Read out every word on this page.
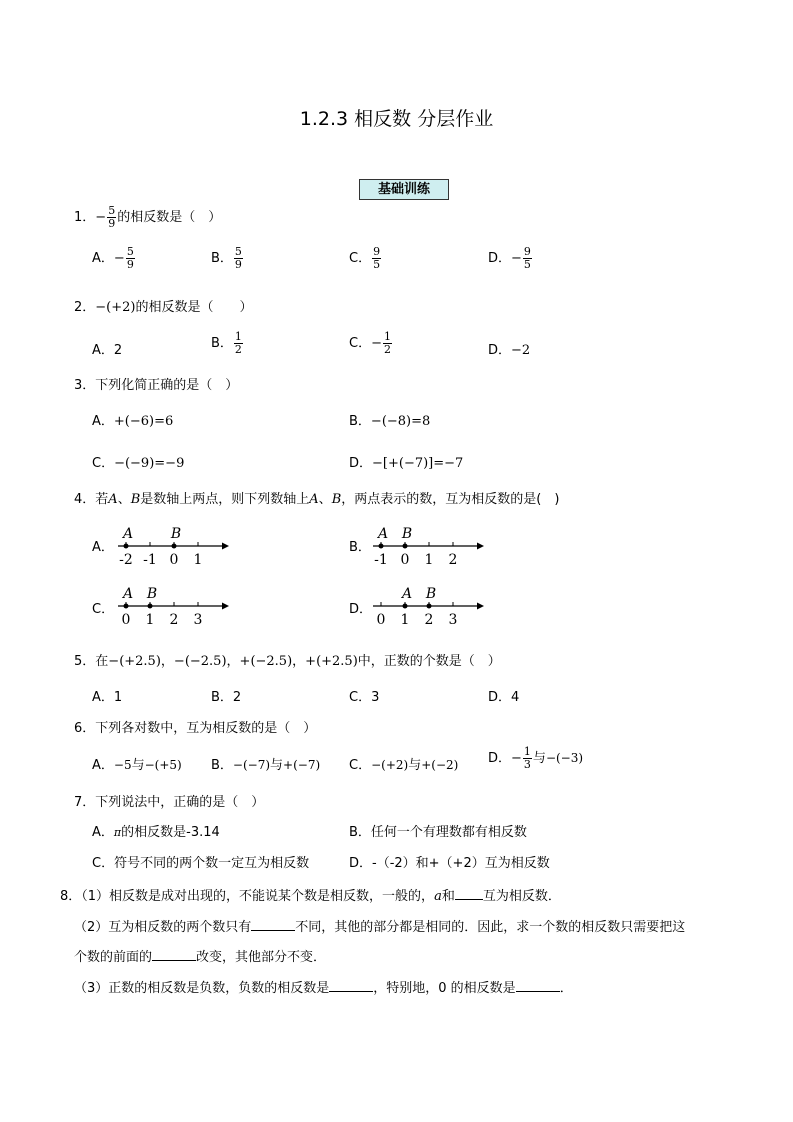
1.2.3 相反数 分层作业
基础训练
1．− $\frac{5}{9}$ 的相反数是（　）
A．− $\frac{5}{9}$	B． $\frac{5}{9}$	C． $\frac{9}{5}$	D．− $\frac{9}{5}$
2．−(+2)的相反数是（　　）
A．2	B． $\frac{1}{2}$	C．− $\frac{1}{2}$	D．−2
3．下列化简正确的是（　）
A．+(−6)=6	B．−(−8)=8
C．−(−9)=−9	D．−[+(−7)]=−7
4．若A、B是数轴上两点，则下列数轴上A、B，两点表示的数，互为相反数的是(　)
A．	B．
C．	D．
-2 -1 0 1
A	B
-1 0 1 2
A B
0 1 2 3
A B
0 1 2 3
A B
5．在−(+2.5)，−(−2.5)，+(−2.5)，+(+2.5)中，正数的个数是（　）
A．1	B．2	C．3	D．4
6．下列各对数中，互为相反数的是（　）
A．−5与−(+5) B．−(−7)与+(−7) C．−(+2)与+(−2) D．− $\frac{1}{3}$ 与−(−3)
7．下列说法中，正确的是（　）
A．π的相反数是-3.14	B．任何一个有理数都有相反数
C．符号不同的两个数一定互为相反数	D．-（-2）和+（+2）互为相反数
8．（1）相反数是成对出现的，不能说某个数是相反数，一般的，a和 互为相反数．
（2）互为相反数的两个数只有	不同，其他的部分都是相同的．因此，求一个数的相反数只需要把这
个数的前面的	改变，其他部分不变．
（3）正数的相反数是负数，负数的相反数是	，特别地，0 的相反数是	．
